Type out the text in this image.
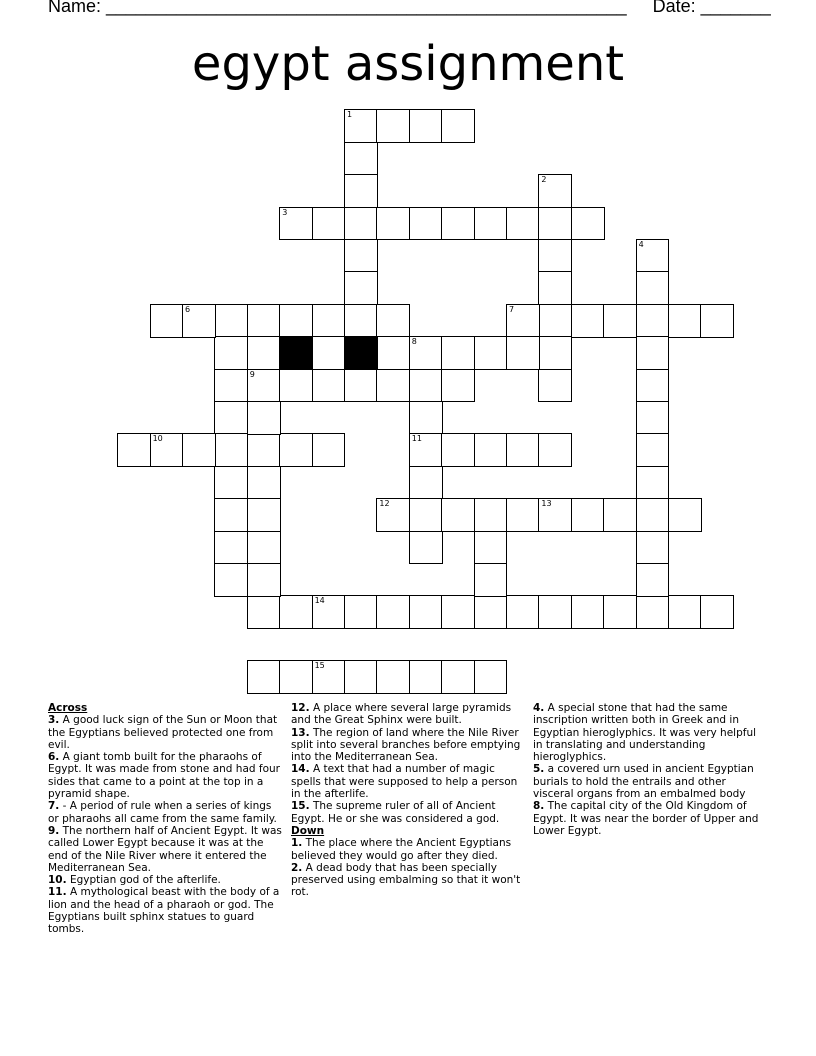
Name: ____________________________________________________ Date: _______
egypt assignment
1
3
14
15
2
7
4
6
8
9
11
10
12	13

Across

3. A good luck sign of the Sun or Moon that the Egyptians believed protected one from evil.

6. A giant tomb built for the pharaohs of Egypt. It was made from stone and had four sides that came to a point at the top in a pyramid shape.

7. - A period of rule when a series of kings or pharaohs all came from the same family.

9. The northern half of Ancient Egypt. It was called Lower Egypt because it was at the end of the Nile River where it entered the Mediterranean Sea.

10. Egyptian god of the afterlife.

11. A mythological beast with the body of a lion and the head of a pharaoh or god. The Egyptians built sphinx statues to guard tombs.

12. A place where several large pyramids and the Great Sphinx were built.

13. The region of land where the Nile River split into several branches before emptying into the Mediterranean Sea.

14. A text that had a number of magic spells that were supposed to help a person in the afterlife.

15. The supreme ruler of all of Ancient Egypt. He or she was considered a god.

Down

1. The place where the Ancient Egyptians believed they would go after they died.

2. A dead body that has been specially preserved using embalming so that it won't rot.

4. A special stone that had the same inscription written both in Greek and in Egyptian hieroglyphics. It was very helpful in translating and understanding hieroglyphics.

5. a covered urn used in ancient Egyptian burials to hold the entrails and other visceral organs from an embalmed body

8. The capital city of the Old Kingdom of Egypt. It was near the border of Upper and Lower Egypt.
